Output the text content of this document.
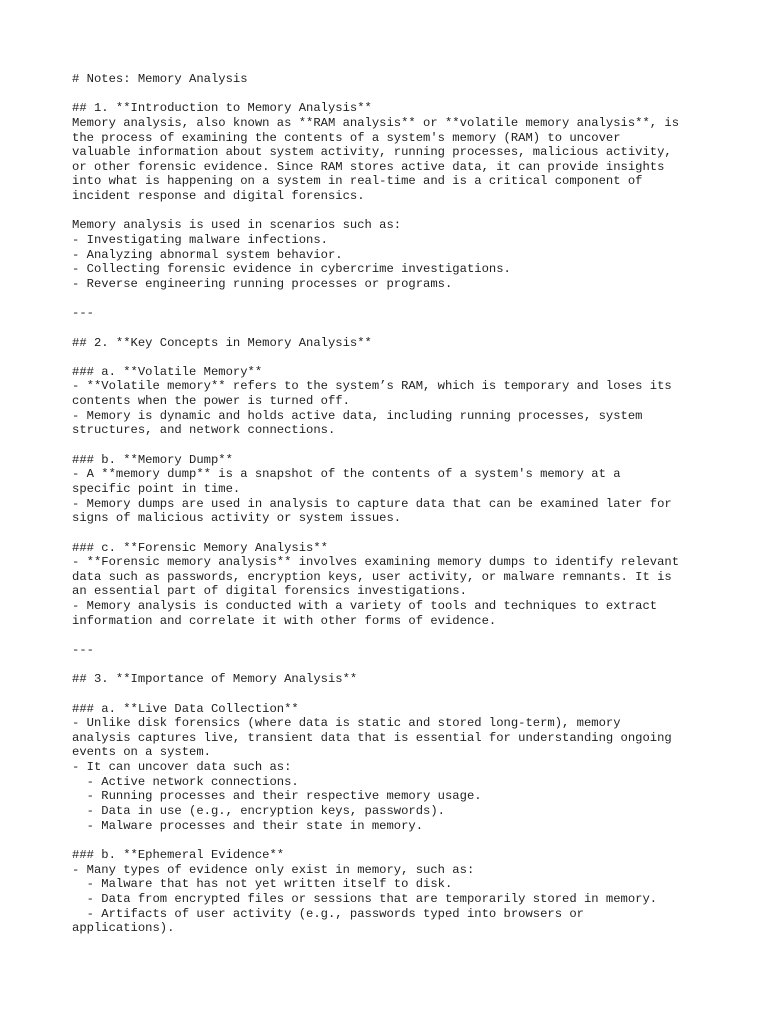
# Notes: Memory Analysis
## 1. **Introduction to Memory Analysis**
Memory analysis, also known as **RAM analysis** or **volatile memory analysis**, is
the process of examining the contents of a system's memory (RAM) to uncover
valuable information about system activity, running processes, malicious activity,
or other forensic evidence. Since RAM stores active data, it can provide insights
into what is happening on a system in real-time and is a critical component of
incident response and digital forensics.
Memory analysis is used in scenarios such as:
- Investigating malware infections.
- Analyzing abnormal system behavior.
- Collecting forensic evidence in cybercrime investigations.
- Reverse engineering running processes or programs.
---
## 2. **Key Concepts in Memory Analysis**
### a. **Volatile Memory**
- **Volatile memory** refers to the system’s RAM, which is temporary and loses its
contents when the power is turned off.
- Memory is dynamic and holds active data, including running processes, system
structures, and network connections.
### b. **Memory Dump**
- A **memory dump** is a snapshot of the contents of a system's memory at a
specific point in time.
- Memory dumps are used in analysis to capture data that can be examined later for
signs of malicious activity or system issues.
### c. **Forensic Memory Analysis**
- **Forensic memory analysis** involves examining memory dumps to identify relevant
data such as passwords, encryption keys, user activity, or malware remnants. It is
an essential part of digital forensics investigations.
- Memory analysis is conducted with a variety of tools and techniques to extract
information and correlate it with other forms of evidence.
---
## 3. **Importance of Memory Analysis**
### a. **Live Data Collection**
- Unlike disk forensics (where data is static and stored long-term), memory
analysis captures live, transient data that is essential for understanding ongoing
events on a system.
- It can uncover data such as:
- Active network connections.
- Running processes and their respective memory usage.
- Data in use (e.g., encryption keys, passwords).
- Malware processes and their state in memory.
### b. **Ephemeral Evidence**
- Many types of evidence only exist in memory, such as:
- Malware that has not yet written itself to disk.
- Data from encrypted files or sessions that are temporarily stored in memory.
- Artifacts of user activity (e.g., passwords typed into browsers or
applications).
